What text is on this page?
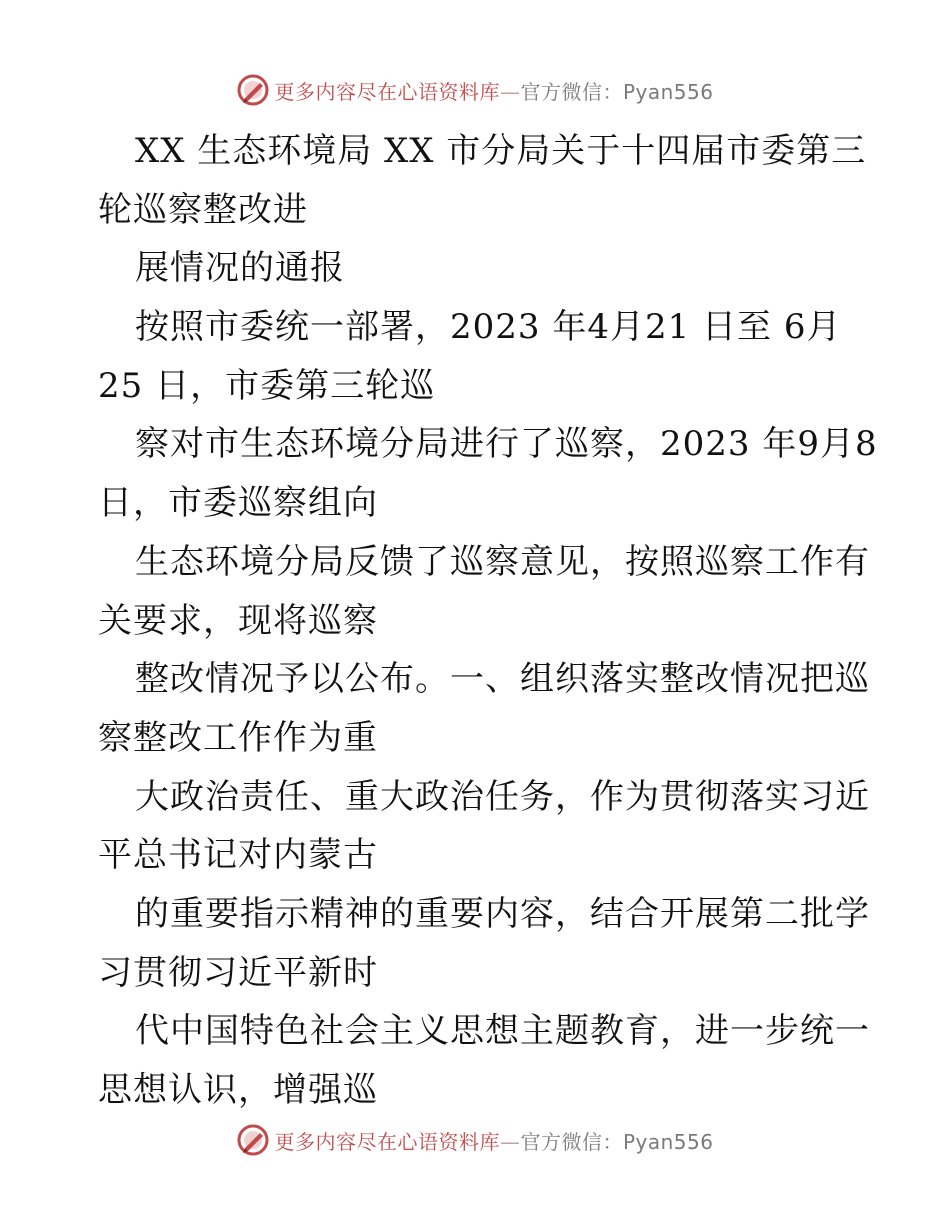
更多内容尽在心语资料库—官方微信：Pyan556
XX 生态环境局 XX 市分局关于十四届市委第三
轮巡察整改进
展情况的通报
按照市委统一部署，2023 年4月21 日至 6月
25 日，市委第三轮巡
察对市生态环境分局进行了巡察，2023 年9月8
日，市委巡察组向
生态环境分局反馈了巡察意见，按照巡察工作有
关要求，现将巡察
整改情况予以公布。一、组织落实整改情况把巡
察整改工作作为重
大政治责任、重大政治任务，作为贯彻落实习近
平总书记对内蒙古
的重要指示精神的重要内容，结合开展第二批学
习贯彻习近平新时
代中国特色社会主义思想主题教育，进一步统一
思想认识，增强巡
更多内容尽在心语资料库—官方微信：Pyan556
